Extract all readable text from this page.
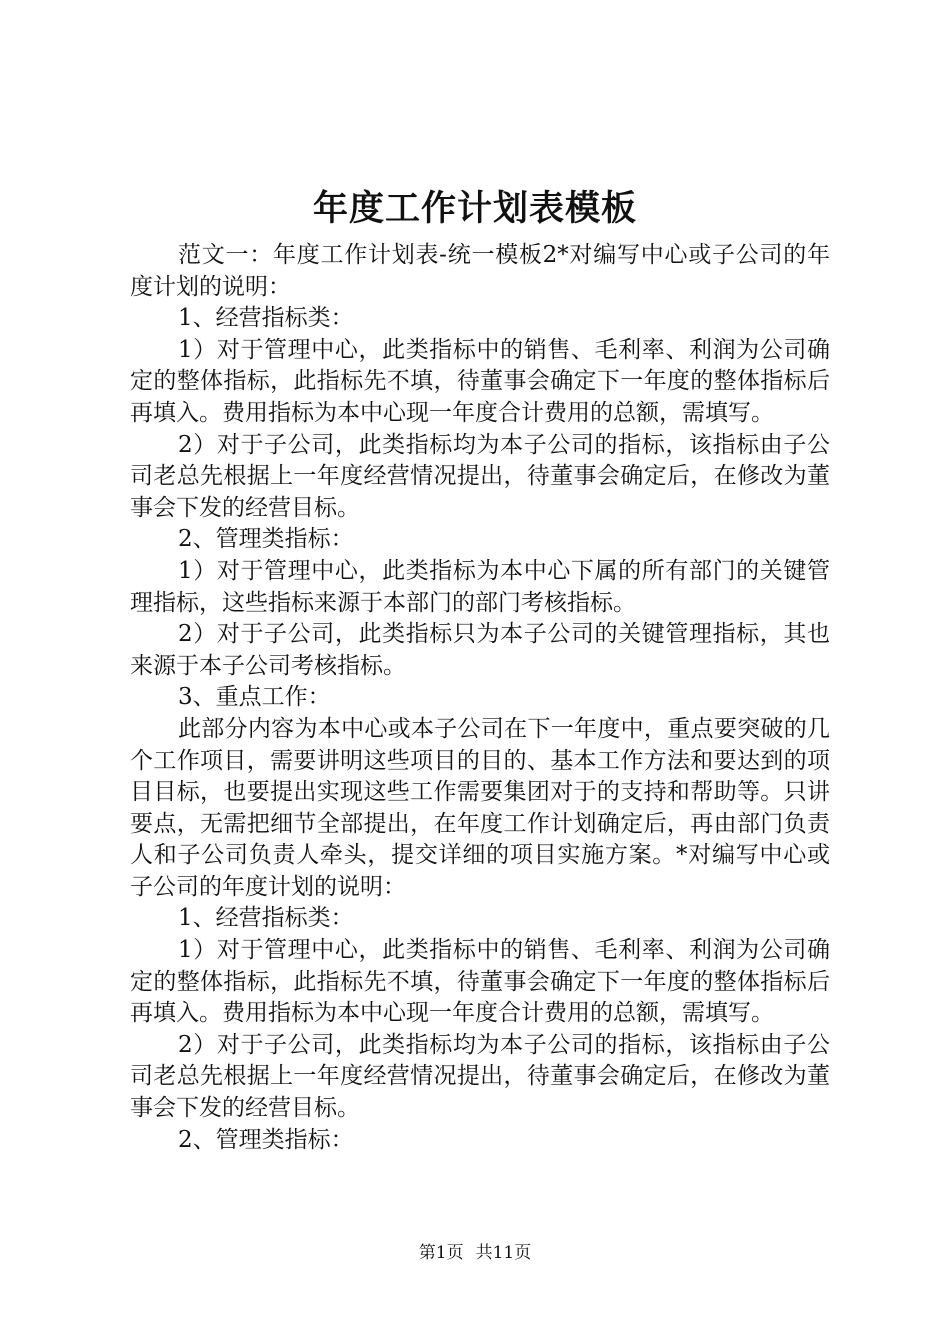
年度工作计划表模板

范文一：年度工作计划表-统一模板2*对编写中心或子公司的年度计划的说明：

1、经营指标类：

1）对于管理中心，此类指标中的销售、毛利率、利润为公司确定的整体指标，此指标先不填，待董事会确定下一年度的整体指标后再填入。费用指标为本中心现一年度合计费用的总额，需填写。

2）对于子公司，此类指标均为本子公司的指标，该指标由子公司老总先根据上一年度经营情况提出，待董事会确定后，在修改为董事会下发的经营目标。

2、管理类指标：

1）对于管理中心，此类指标为本中心下属的所有部门的关键管理指标，这些指标来源于本部门的部门考核指标。

2）对于子公司，此类指标只为本子公司的关键管理指标，其也来源于本子公司考核指标。

3、重点工作：

此部分内容为本中心或本子公司在下一年度中，重点要突破的几个工作项目，需要讲明这些项目的目的、基本工作方法和要达到的项目目标，也要提出实现这些工作需要集团对于的支持和帮助等。只讲要点，无需把细节全部提出，在年度工作计划确定后，再由部门负责人和子公司负责人牵头，提交详细的项目实施方案。*对编写中心或子公司的年度计划的说明：

1、经营指标类：

1）对于管理中心，此类指标中的销售、毛利率、利润为公司确定的整体指标，此指标先不填，待董事会确定下一年度的整体指标后再填入。费用指标为本中心现一年度合计费用的总额，需填写。

2）对于子公司，此类指标均为本子公司的指标，该指标由子公司老总先根据上一年度经营情况提出，待董事会确定后，在修改为董事会下发的经营目标。

2、管理类指标：

第1页 共11页
